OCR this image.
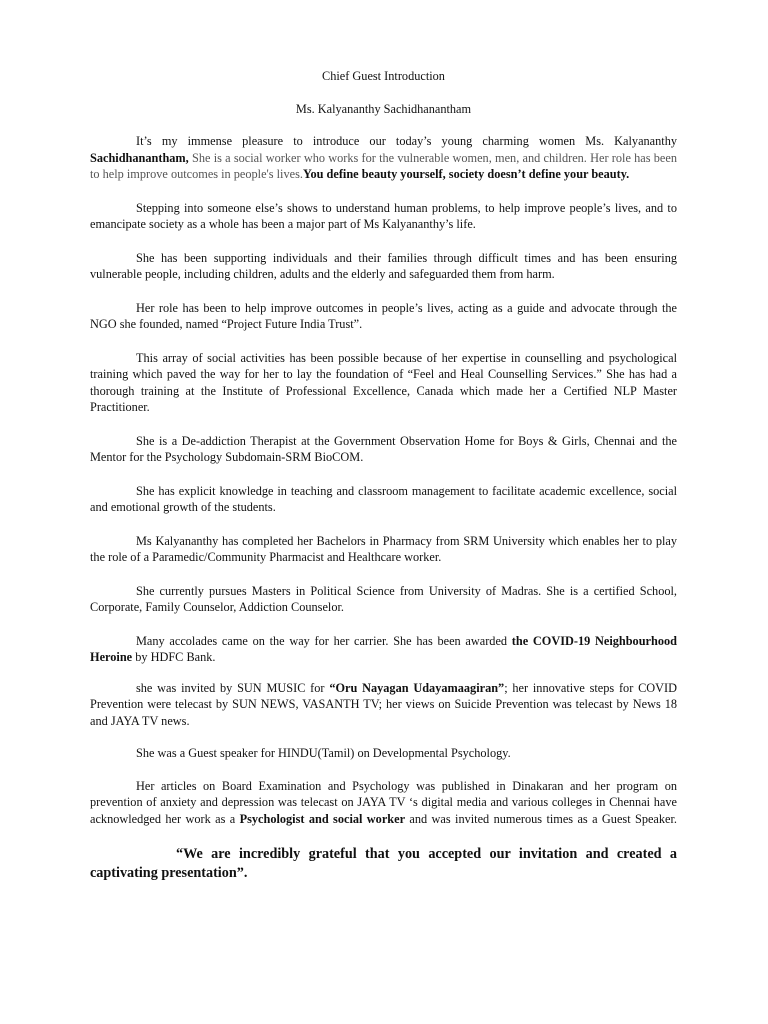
Chief Guest Introduction
Ms. Kalyananthy Sachidhanantham

It’s my immense pleasure to introduce our today’s young charming women Ms. Kalyananthy Sachidhanantham, She is a social worker who works for the vulnerable women, men, and children. Her role has been to help improve outcomes in people's lives.You define beauty yourself, society doesn’t define your beauty.

Stepping into someone else’s shows to understand human problems, to help improve people’s lives, and to emancipate society as a whole has been a major part of Ms Kalyananthy’s life.

She has been supporting individuals and their families through difficult times and has been ensuring vulnerable people, including children, adults and the elderly and safeguarded them from harm.

Her role has been to help improve outcomes in people’s lives, acting as a guide and advocate through the NGO she founded, named “Project Future India Trust”.

This array of social activities has been possible because of her expertise in counselling and psychological training which paved the way for her to lay the foundation of “Feel and Heal Counselling Services.” She has had a thorough training at the Institute of Professional Excellence, Canada which made her a Certified NLP Master Practitioner.

She is a De-addiction Therapist at the Government Observation Home for Boys & Girls, Chennai and the Mentor for the Psychology Subdomain-SRM BioCOM.

She has explicit knowledge in teaching and classroom management to facilitate academic excellence, social and emotional growth of the students.

Ms Kalyananthy has completed her Bachelors in Pharmacy from SRM University which enables her to play the role of a Paramedic/Community Pharmacist and Healthcare worker.

She currently pursues Masters in Political Science from University of Madras. She is a certified School, Corporate, Family Counselor, Addiction Counselor.

Many accolades came on the way for her carrier. She has been awarded the COVID-19 Neighbourhood Heroine by HDFC Bank.

she was invited by SUN MUSIC for “Oru Nayagan Udayamaagiran”; her innovative steps for COVID Prevention were telecast by SUN NEWS, VASANTH TV; her views on Suicide Prevention was telecast by News 18 and JAYA TV news.

She was a Guest speaker for HINDU(Tamil) on Developmental Psychology.

Her articles on Board Examination and Psychology was published in Dinakaran and her program on prevention of anxiety and depression was telecast on JAYA TV ‘s digital media and various colleges in Chennai have acknowledged her work as a Psychologist and social worker and was invited numerous times as a Guest Speaker.

“We are incredibly grateful that you accepted our invitation and created a captivating presentation”.
